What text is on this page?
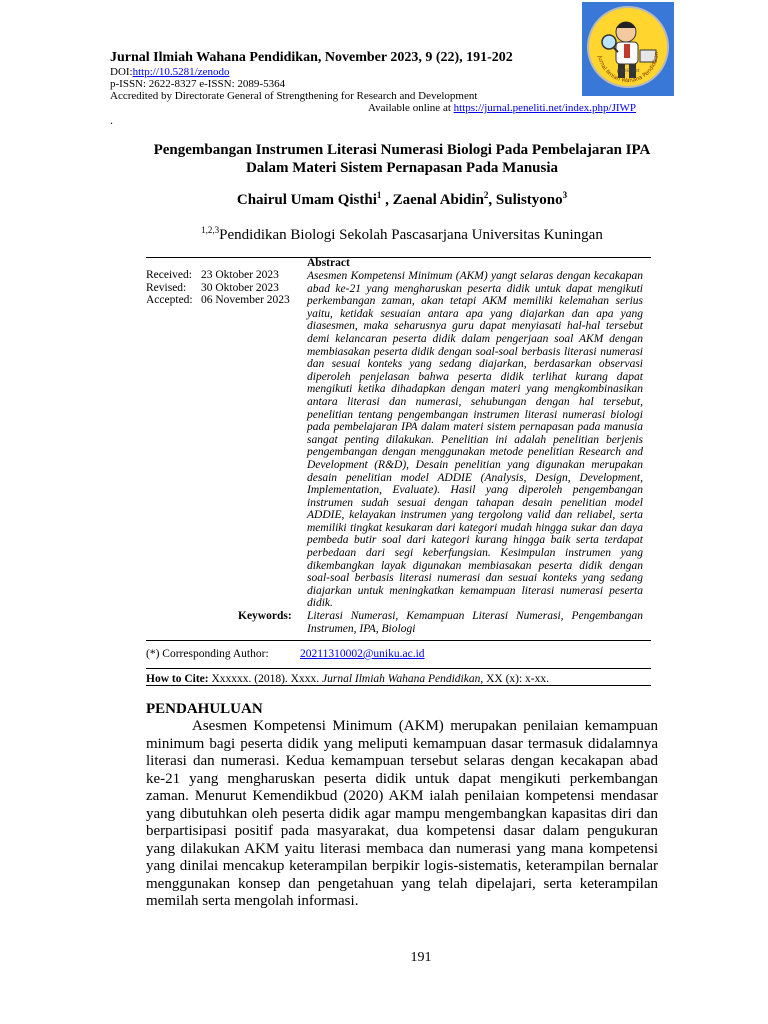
Jurnal Ilmiah Wahana Pendidikan, November 2023, 9 (22), 191-202
DOI:http://10.5281/zenodo
p-ISSN: 2622-8327 e-ISSN: 2089-5364
Accredited by Directorate General of Strengthening for Research and Development
Available online at https://jurnal.peneliti.net/index.php/JIWP
.
Jurnal Ilmiah Wahana Pendidikan
peneliti.net
Pengembangan Instrumen Literasi Numerasi Biologi Pada Pembelajaran IPA Dalam Materi Sistem Pernapasan Pada Manusia
Chairul Umam Qisthi$^1$ , Zaenal Abidin$^2$, Sulistyono$^3$
$^{1,2,3}$Pendidikan Biologi Sekolah Pascasarjana Universitas Kuningan
Received: 23 Oktober 2023
Revised:	30 Oktober 2023
Accepted: 06 November 2023
Abstract
Asesmen Kompetensi Minimum (AKM) yangt selaras dengan kecakapan abad ke-21 yang mengharuskan peserta didik untuk dapat mengikuti perkembangan zaman, akan tetapi AKM memiliki kelemahan serius yaitu, ketidak sesuaian antara apa yang diajarkan dan apa yang diasesmen, maka seharusnya guru dapat menyiasati hal-hal tersebut demi kelancaran peserta didik dalam pengerjaan soal AKM dengan membiasakan peserta didik dengan soal-soal berbasis literasi numerasi dan sesuai konteks yang sedang diajarkan, berdasarkan observasi diperoleh penjelasan bahwa peserta didik terlihat kurang dapat mengikuti ketika dihadapkan dengan materi yang mengkombinasikan antara literasi dan numerasi, sehubungan dengan hal tersebut, penelitian tentang pengembangan instrumen literasi numerasi biologi pada pembelajaran IPA dalam materi sistem pernapasan pada manusia sangat penting dilakukan. Penelitian ini adalah penelitian berjenis pengembangan dengan menggunakan metode penelitian Research and Development (R&D), Desain penelitian yang digunakan merupakan desain penelitian model ADDIE (Analysis, Design, Development, Implementation, Evaluate). Hasil yang diperoleh pengembangan instrumen sudah sesuai dengan tahapan desain penelitian model ADDIE, kelayakan instrumen yang tergolong valid dan reliabel, serta memiliki tingkat kesukaran dari kategori mudah hingga sukar dan daya pembeda butir soal dari kategori kurang hingga baik serta terdapat perbedaan dari segi keberfungsian. Kesimpulan instrumen yang dikembangkan layak digunakan membiasakan peserta didik dengan soal-soal berbasis literasi numerasi dan sesuai konteks yang sedang diajarkan untuk meningkatkan kemampuan literasi numerasi peserta didik.
Keywords: Literasi Numerasi, Kemampuan Literasi Numerasi, Pengembangan Instrumen, IPA, Biologi
(*) Corresponding Author:	20211310002@uniku.ac.id
How to Cite: Xxxxxx. (2018). Xxxx. Jurnal Ilmiah Wahana Pendidikan, XX (x): x-xx.
PENDAHULUAN
Asesmen Kompetensi Minimum (AKM) merupakan penilaian kemampuan minimum bagi peserta didik yang meliputi kemampuan dasar termasuk didalamnya literasi dan numerasi. Kedua kemampuan tersebut selaras dengan kecakapan abad ke-21 yang mengharuskan peserta didik untuk dapat mengikuti perkembangan zaman. Menurut Kemendikbud (2020) AKM ialah penilaian kompetensi mendasar yang dibutuhkan oleh peserta didik agar mampu mengembangkan kapasitas diri dan berpartisipasi positif pada masyarakat, dua kompetensi dasar dalam pengukuran yang dilakukan AKM yaitu literasi membaca dan numerasi yang mana kompetensi yang dinilai mencakup keterampilan berpikir logis-sistematis, keterampilan bernalar menggunakan konsep dan pengetahuan yang telah dipelajari, serta keterampilan memilah serta mengolah informasi.
191
